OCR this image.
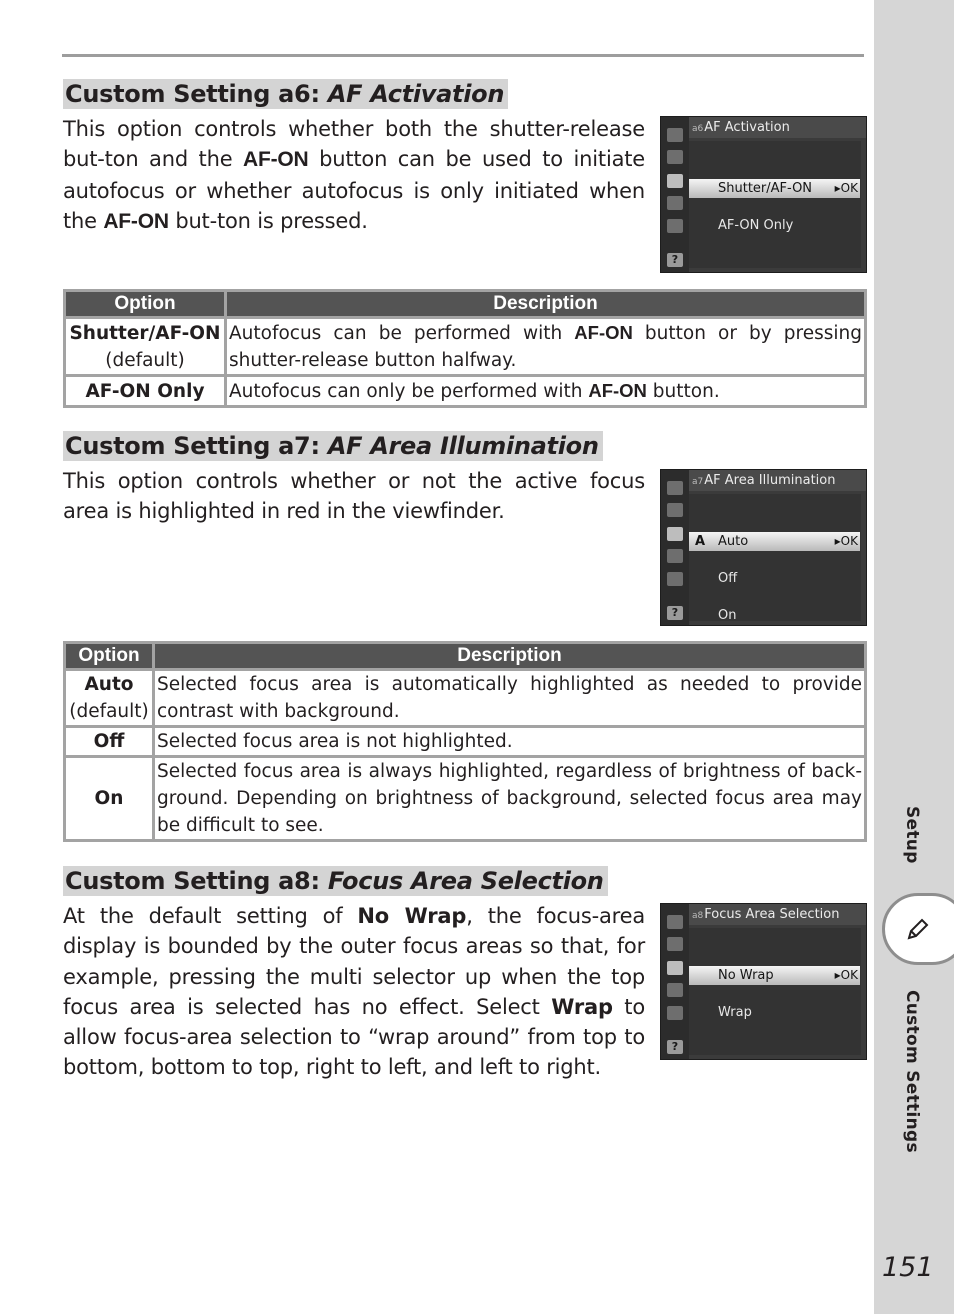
Setup
Custom Settings
151
Custom Setting a6: AF Activation

This option controls whether both the shutter-release but-ton and the AF-ON button can be used to initiate autofocus or whether autofocus is only initiated when the AF-ON but-ton is pressed.

?
a6AF Activation
Shutter/AF-ON ▸OK
AF-ON Only
Option	Description
Shutter/AF-ON
(default)	Autofocus can be performed with AF-ON button or by pressing shutter-release button halfway.
AF-ON Only	Autofocus can only be performed with AF-ON button.
Custom Setting a7: AF Area Illumination

This option controls whether or not the active focus area is highlighted in red in the viewfinder.

?
a7AF Area Illumination
A Auto	▸OK
Off
On
Option	Description
Auto
(default)	Selected focus area is automatically highlighted as needed to provide contrast with background.
Off	Selected focus area is not highlighted.
On	Selected focus area is always highlighted, regardless of brightness of back-ground. Depending on brightness of background, selected focus area may be difficult to see.
Custom Setting a8: Focus Area Selection

At the default setting of No Wrap, the focus-area display is bounded by the outer focus areas so that, for example, pressing the multi selector up when the top focus area is selected has no effect. Select Wrap to allow focus-area selection to “wrap around” from top to bottom, bottom to top, right to left, and left to right.

?
a8Focus Area Selection
No Wrap	▸OK
Wrap
